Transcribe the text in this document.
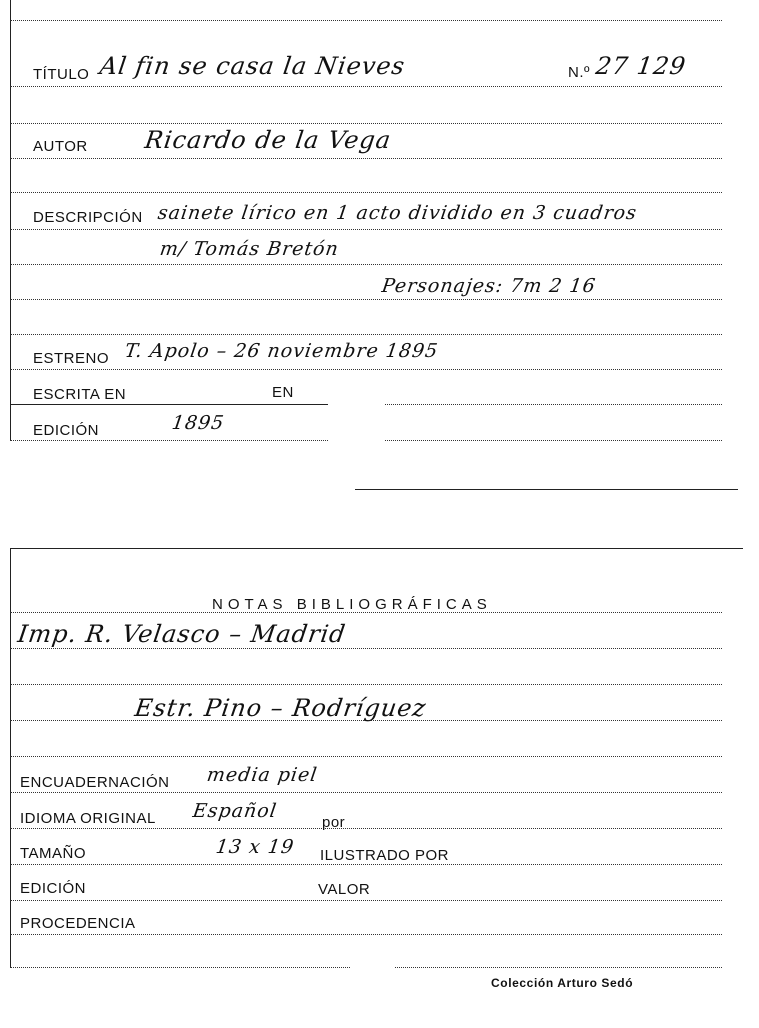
TÍTULO Al fin se casa la Nieves	N.º 27 129
AUTOR Ricardo de la Vega
DESCRIPCIÓN sainete lírico en 1 acto dividido en 3 cuadros
m/ Tomás Bretón
Personajes: 7m 2 16
ESTRENO T. Apolo – 26 noviembre 1895
ESCRITA EN	EN
EDICIÓN	1895
NOTAS BIBLIOGRÁFICAS
Imp. R. Velasco – Madrid
Estr. Pino – Rodríguez
ENCUADERNACIÓN media piel
IDIOMA ORIGINAL Español
por
TAMAÑO	13 x 19 ILUSTRADO POR
EDICIÓN	VALOR
PROCEDENCIA
Colección Arturo Sedó
